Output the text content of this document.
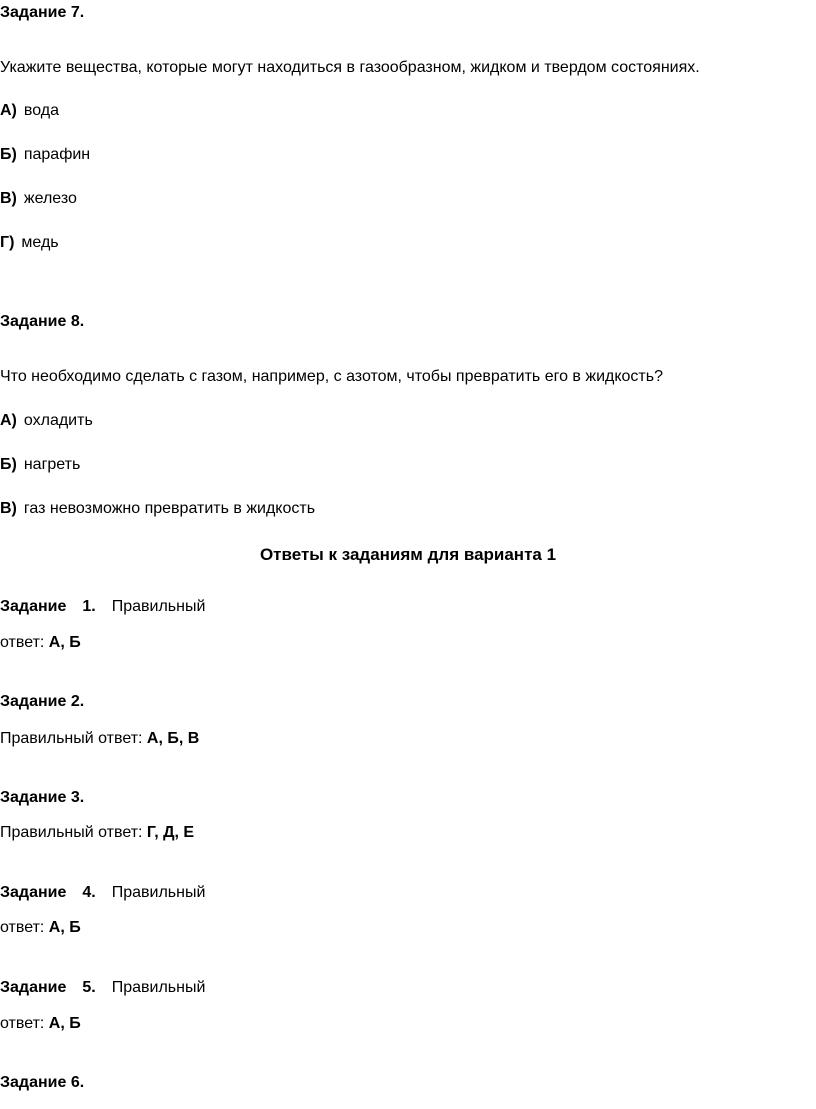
Задание 7.
Укажите вещества, которые могут находиться в газообразном, жидком и твердом состояниях.
А) вода
Б) парафин
В) железо
Г) медь
Задание 8.
Что необходимо сделать с газом, например, с азотом, чтобы превратить его в жидкость?
А) охладить
Б) нагреть
В) газ невозможно превратить в жидкость
Ответы к заданиям для варианта 1
Задание 1. Правильный
ответ: А, Б
Задание 2.
Правильный ответ: А, Б, В
Задание 3.
Правильный ответ: Г, Д, Е
Задание 4. Правильный
ответ: А, Б
Задание 5. Правильный
ответ: А, Б
Задание 6.
